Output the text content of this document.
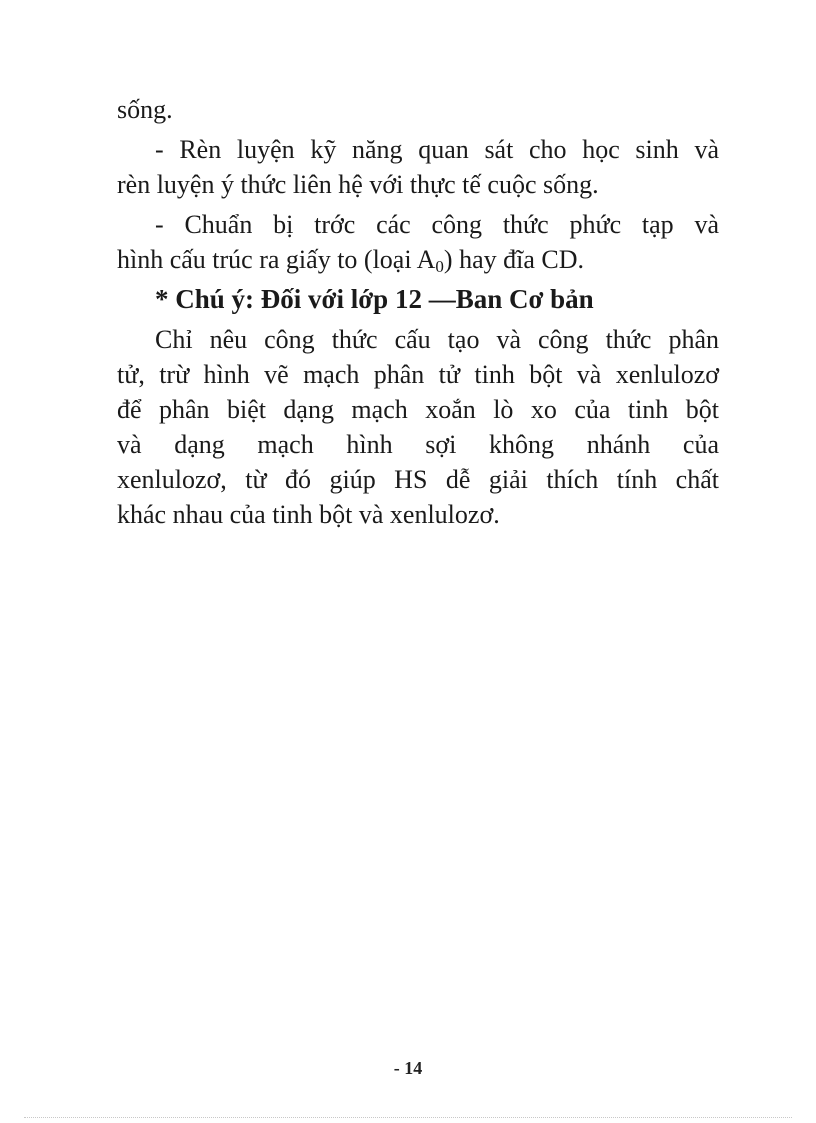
sống.
- Rèn luyện kỹ năng quan sát cho học sinh và
rèn luyện ý thức liên hệ với thực tế cuộc sống.
- Chuẩn bị trớc các công thức phức tạp và
hình cấu trúc ra giấy to (loại $A_0$) hay đĩa CD.
* Chú ý: Đối với lớp 12 —Ban Cơ bản
Chỉ nêu công thức cấu tạo và công thức phân
tử, trừ hình vẽ mạch phân tử tinh bột và xenlulozơ
để phân biệt dạng mạch xoắn lò xo của tinh bột
và dạng mạch hình sợi không nhánh của
xenlulozơ, từ đó giúp HS dễ giải thích tính chất
khác nhau của tinh bột và xenlulozơ.
- 14
